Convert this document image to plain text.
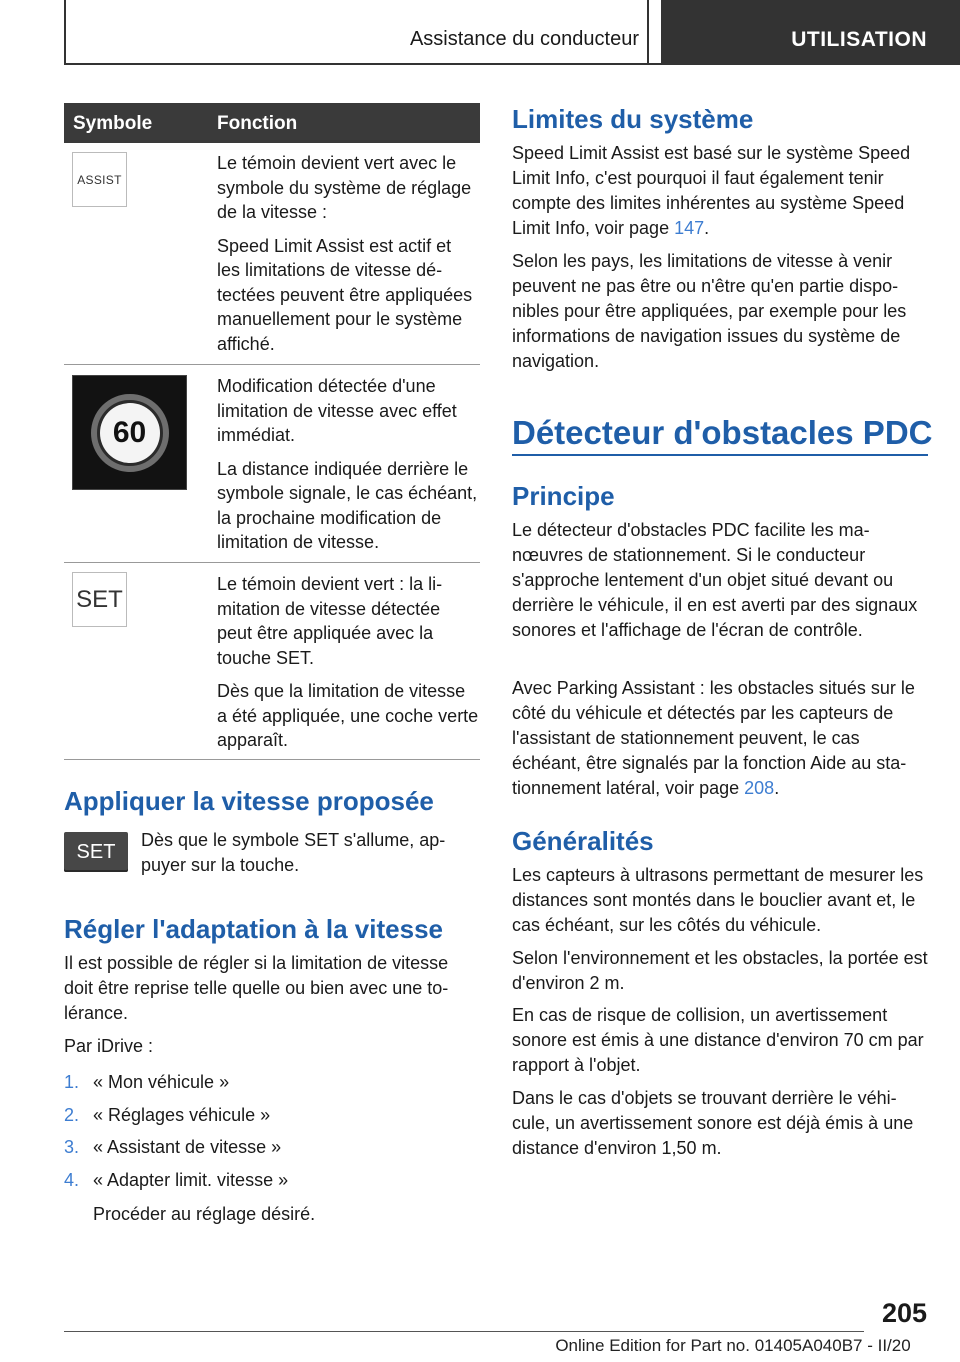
Assistance du conducteur	UTILISATION
Symbole	Fonction
ASSIST

Le témoin devient vert avec le symbole du système de réglage de la vitesse :

Speed Limit Assist est actif et les limitations de vitesse détectées peuvent être appliquées manuellement pour le système affiché.

60

Modification détectée d'une limitation de vitesse avec effet immédiat.

La distance indiquée derrière le symbole signale, le cas échéant, la prochaine modification de limitation de vitesse.

SET

Le témoin devient vert : la limitation de vitesse détectée peut être appliquée avec la touche SET.

Dès que la limitation de vitesse a été appliquée, une coche verte apparaît.

Appliquer la vitesse proposée
SET
Dès que le symbole SET s'allume, appuyer sur la touche.
Régler l'adaptation à la vitesse
Il est possible de régler si la limitation de vitesse doit être reprise telle quelle ou bien avec une tolérance.
Par iDrive :
1. « Mon véhicule »
2. « Réglages véhicule »
3. « Assistant de vitesse »
4. « Adapter limit. vitesse »
Procéder au réglage désiré.
Limites du système
Speed Limit Assist est basé sur le système Speed Limit Info, c'est pourquoi il faut également tenir compte des limites inhérentes au système Speed Limit Info, voir page 147.
Selon les pays, les limitations de vitesse à venir peuvent ne pas être ou n'être qu'en partie disponibles pour être appliquées, par exemple pour les informations de navigation issues du système de navigation.
Détecteur d'obstacles PDC
Principe
Le détecteur d'obstacles PDC facilite les manœuvres de stationnement. Si le conducteur s'approche lentement d'un objet situé devant ou derrière le véhicule, il en est averti par des signaux sonores et l'affichage de l'écran de contrôle.
Avec Parking Assistant : les obstacles situés sur le côté du véhicule et détectés par les capteurs de l'assistant de stationnement peuvent, le cas échéant, être signalés par la fonction Aide au stationnement latéral, voir page 208.
Généralités
Les capteurs à ultrasons permettant de mesurer les distances sont montés dans le bouclier avant et, le cas échéant, sur les côtés du véhicule.
Selon l'environnement et les obstacles, la portée est d'environ 2 m.
En cas de risque de collision, un avertissement sonore est émis à une distance d'environ 70 cm par rapport à l'objet.
Dans le cas d'objets se trouvant derrière le véhicule, un avertissement sonore est déjà émis à une distance d'environ 1,50 m.
205
Online Edition for Part no. 01405A040B7 - II/20
